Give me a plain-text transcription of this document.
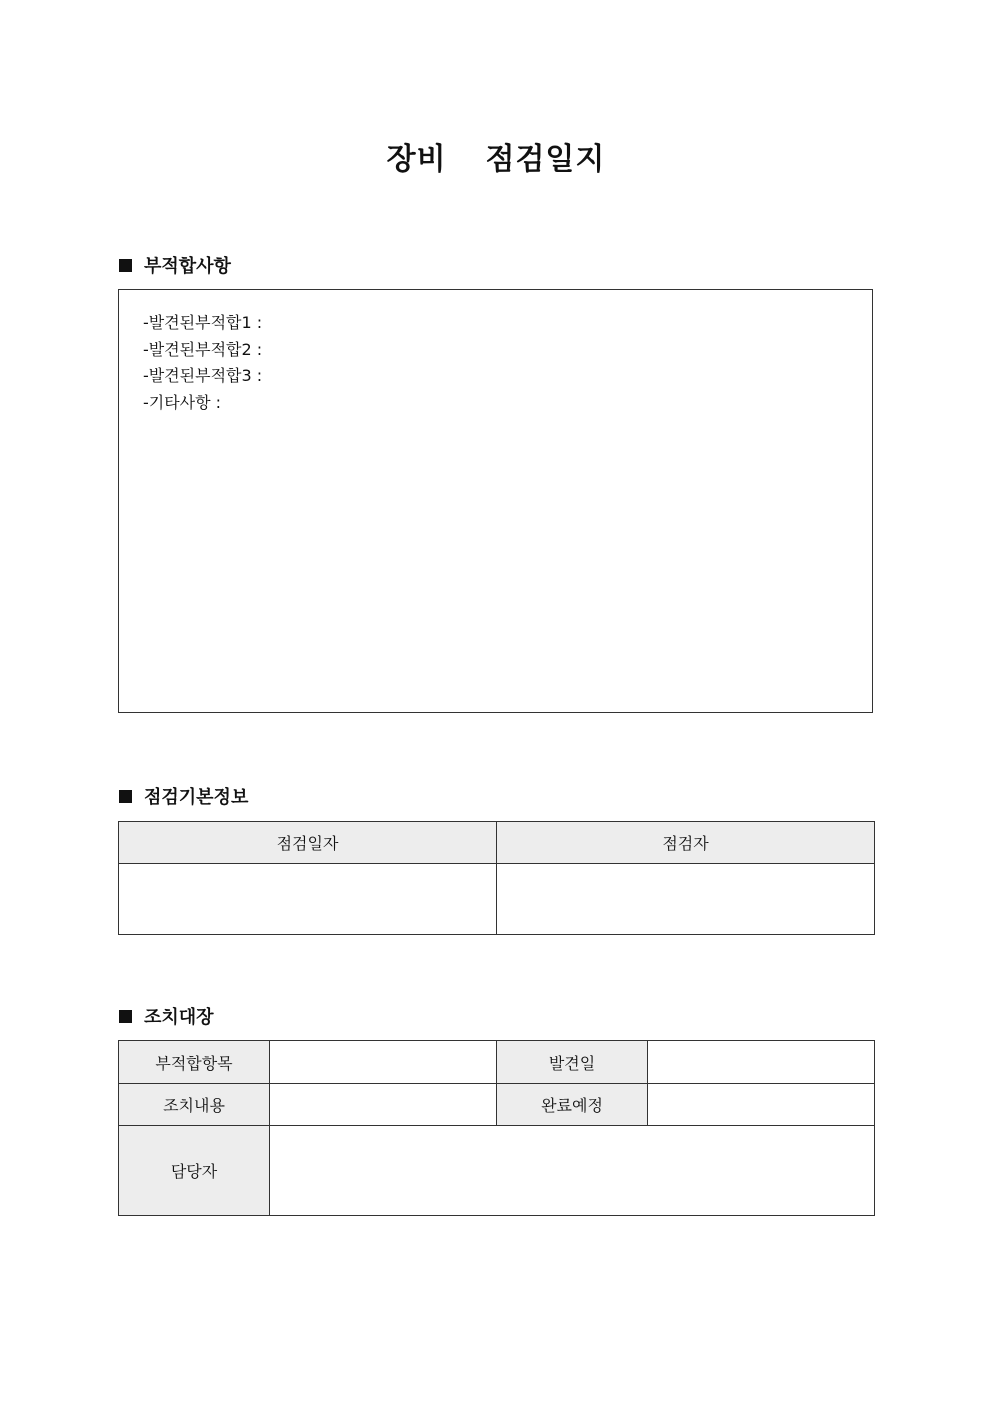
장비  점검일지
부적합사항
-발견된부적합1 :
-발견된부적합2 :
-발견된부적합3 :
-기타사항 :
점검기본정보
점검일자	점검자

조치대장
부적합항목		발견일	
조치내용		완료예정	
담당자			
